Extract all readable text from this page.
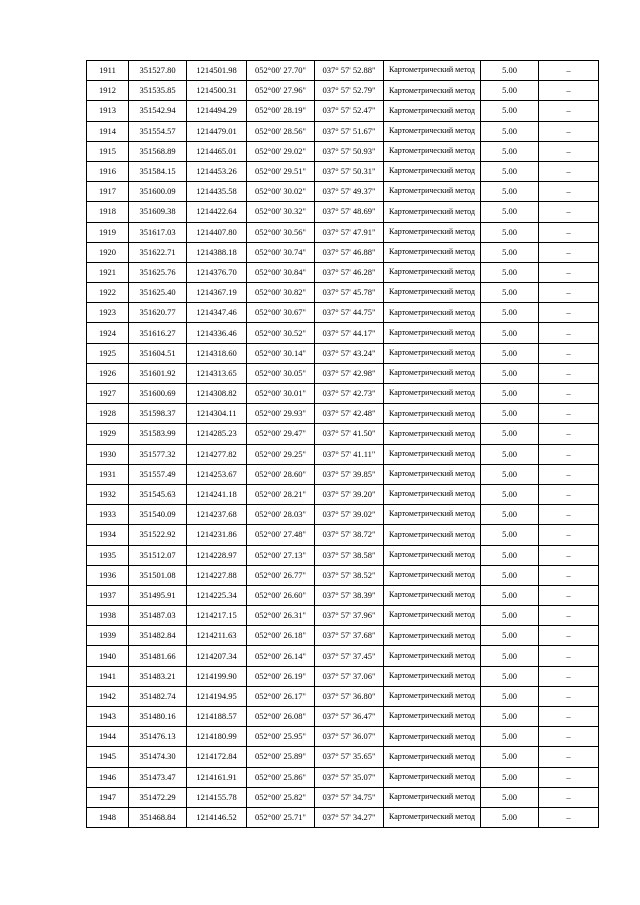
1911	351527.80	1214501.98	052°00' 27.70"	037° 57' 52.88"	Картометрический метод	5.00	–
1912	351535.85	1214500.31	052°00' 27.96"	037° 57' 52.79"	Картометрический метод	5.00	–
1913	351542.94	1214494.29	052°00' 28.19"	037° 57' 52.47"	Картометрический метод	5.00	–
1914	351554.57	1214479.01	052°00' 28.56"	037° 57' 51.67"	Картометрический метод	5.00	–
1915	351568.89	1214465.01	052°00' 29.02"	037° 57' 50.93"	Картометрический метод	5.00	–
1916	351584.15	1214453.26	052°00' 29.51"	037° 57' 50.31"	Картометрический метод	5.00	–
1917	351600.09	1214435.58	052°00' 30.02"	037° 57' 49.37"	Картометрический метод	5.00	–
1918	351609.38	1214422.64	052°00' 30.32"	037° 57' 48.69"	Картометрический метод	5.00	–
1919	351617.03	1214407.80	052°00' 30.56"	037° 57' 47.91"	Картометрический метод	5.00	–
1920	351622.71	1214388.18	052°00' 30.74"	037° 57' 46.88"	Картометрический метод	5.00	–
1921	351625.76	1214376.70	052°00' 30.84"	037° 57' 46.28"	Картометрический метод	5.00	–
1922	351625.40	1214367.19	052°00' 30.82"	037° 57' 45.78"	Картометрический метод	5.00	–
1923	351620.77	1214347.46	052°00' 30.67"	037° 57' 44.75"	Картометрический метод	5.00	–
1924	351616.27	1214336.46	052°00' 30.52"	037° 57' 44.17"	Картометрический метод	5.00	–
1925	351604.51	1214318.60	052°00' 30.14"	037° 57' 43.24"	Картометрический метод	5.00	–
1926	351601.92	1214313.65	052°00' 30.05"	037° 57' 42.98"	Картометрический метод	5.00	–
1927	351600.69	1214308.82	052°00' 30.01"	037° 57' 42.73"	Картометрический метод	5.00	–
1928	351598.37	1214304.11	052°00' 29.93"	037° 57' 42.48"	Картометрический метод	5.00	–
1929	351583.99	1214285.23	052°00' 29.47"	037° 57' 41.50"	Картометрический метод	5.00	–
1930	351577.32	1214277.82	052°00' 29.25"	037° 57' 41.11"	Картометрический метод	5.00	–
1931	351557.49	1214253.67	052°00' 28.60"	037° 57' 39.85"	Картометрический метод	5.00	–
1932	351545.63	1214241.18	052°00' 28.21"	037° 57' 39.20"	Картометрический метод	5.00	–
1933	351540.09	1214237.68	052°00' 28.03"	037° 57' 39.02"	Картометрический метод	5.00	–
1934	351522.92	1214231.86	052°00' 27.48"	037° 57' 38.72"	Картометрический метод	5.00	–
1935	351512.07	1214228.97	052°00' 27.13"	037° 57' 38.58"	Картометрический метод	5.00	–
1936	351501.08	1214227.88	052°00' 26.77"	037° 57' 38.52"	Картометрический метод	5.00	–
1937	351495.91	1214225.34	052°00' 26.60"	037° 57' 38.39"	Картометрический метод	5.00	–
1938	351487.03	1214217.15	052°00' 26.31"	037° 57' 37.96"	Картометрический метод	5.00	–
1939	351482.84	1214211.63	052°00' 26.18"	037° 57' 37.68"	Картометрический метод	5.00	–
1940	351481.66	1214207.34	052°00' 26.14"	037° 57' 37.45"	Картометрический метод	5.00	–
1941	351483.21	1214199.90	052°00' 26.19"	037° 57' 37.06"	Картометрический метод	5.00	–
1942	351482.74	1214194.95	052°00' 26.17"	037° 57' 36.80"	Картометрический метод	5.00	–
1943	351480.16	1214188.57	052°00' 26.08"	037° 57' 36.47"	Картометрический метод	5.00	–
1944	351476.13	1214180.99	052°00' 25.95"	037° 57' 36.07"	Картометрический метод	5.00	–
1945	351474.30	1214172.84	052°00' 25.89"	037° 57' 35.65"	Картометрический метод	5.00	–
1946	351473.47	1214161.91	052°00' 25.86"	037° 57' 35.07"	Картометрический метод	5.00	–
1947	351472.29	1214155.78	052°00' 25.82"	037° 57' 34.75"	Картометрический метод	5.00	–
1948	351468.84	1214146.52	052°00' 25.71"	037° 57' 34.27"	Картометрический метод	5.00	–
